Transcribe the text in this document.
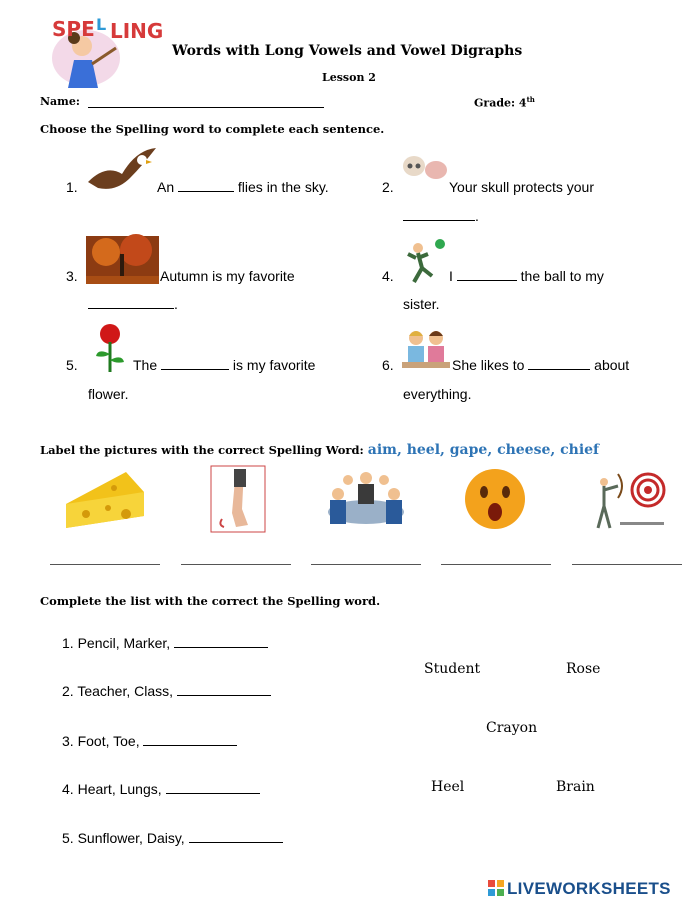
SPE LING
L
Words with Long Vowels and Vowel Digraphs
Lesson 2
Name:	Grade: 4th
Choose the Spelling word to complete each sentence.
1.	An	flies in the sky.	2.	Your skull protects your
.
3.	Autumn is my favorite
.
4.	I	the ball to my
sister.
5.	The	is my favorite
flower.
6.	She likes to	about
everything.
Label the pictures with the correct Spelling Word: aim, heel, gape, cheese, chief
Complete the list with the correct the Spelling word.
1. Pencil, Marker,
2. Teacher, Class,
3. Foot, Toe,
4. Heart, Lungs,
5. Sunflower, Daisy,
Student	Rose
Crayon
Heel	Brain
LIVEWORKSHEETS
